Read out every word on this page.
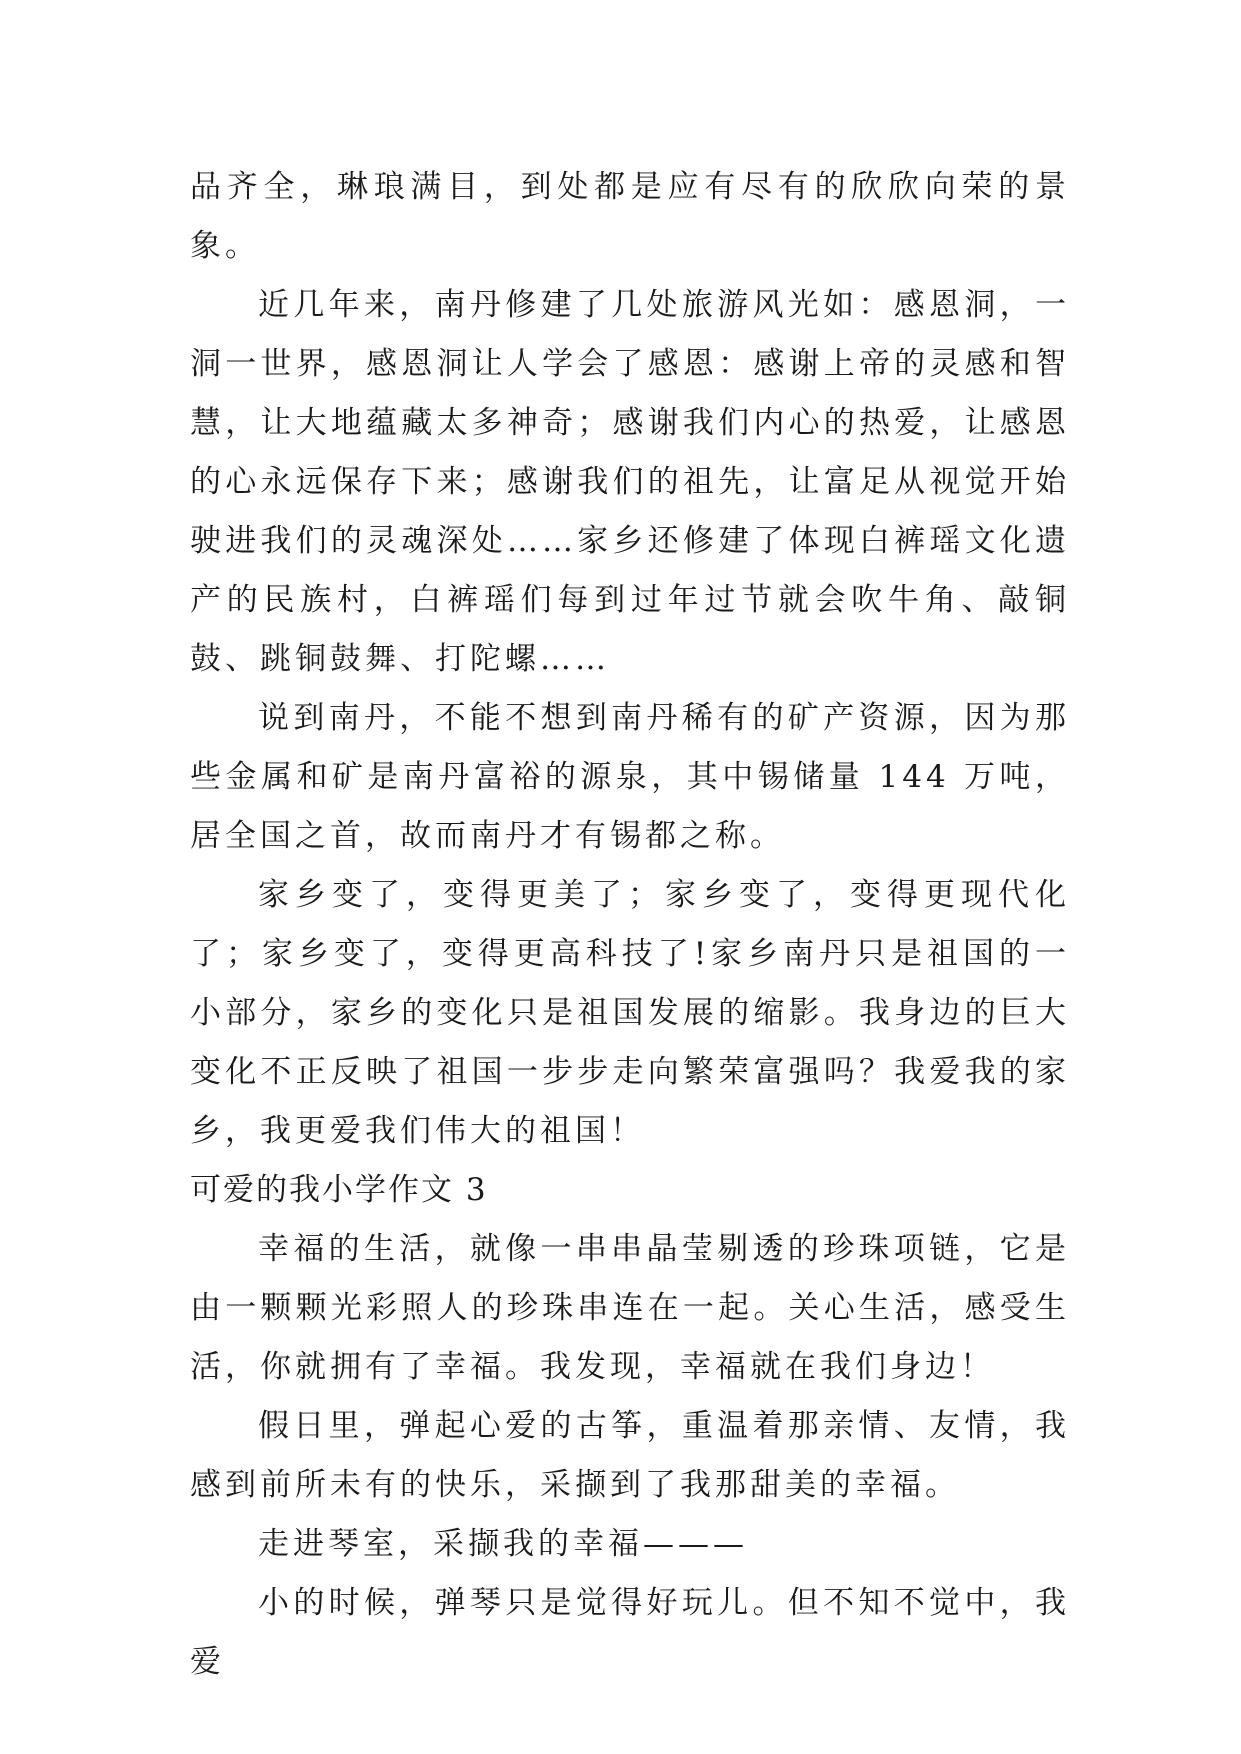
品齐全，琳琅满目，到处都是应有尽有的欣欣向荣的景象。

近几年来，南丹修建了几处旅游风光如：感恩洞，一洞一世界，感恩洞让人学会了感恩：感谢上帝的灵感和智慧，让大地蕴藏太多神奇；感谢我们内心的热爱，让感恩的心永远保存下来；感谢我们的祖先，让富足从视觉开始驶进我们的灵魂深处……家乡还修建了体现白裤瑶文化遗产的民族村，白裤瑶们每到过年过节就会吹牛角、敲铜鼓、跳铜鼓舞、打陀螺……

说到南丹，不能不想到南丹稀有的矿产资源，因为那些金属和矿是南丹富裕的源泉，其中锡储量 144 万吨，居全国之首，故而南丹才有锡都之称。

家乡变了，变得更美了；家乡变了，变得更现代化了；家乡变了，变得更高科技了!家乡南丹只是祖国的一小部分，家乡的变化只是祖国发展的缩影。我身边的巨大变化不正反映了祖国一步步走向繁荣富强吗？我爱我的家乡，我更爱我们伟大的祖国！

可爱的我小学作文 3

幸福的生活，就像一串串晶莹剔透的珍珠项链，它是由一颗颗光彩照人的珍珠串连在一起。关心生活，感受生活，你就拥有了幸福。我发现，幸福就在我们身边！

假日里，弹起心爱的古筝，重温着那亲情、友情，我感到前所未有的快乐，采撷到了我那甜美的幸福。

走进琴室，采撷我的幸福———

小的时候，弹琴只是觉得好玩儿。但不知不觉中，我爱
